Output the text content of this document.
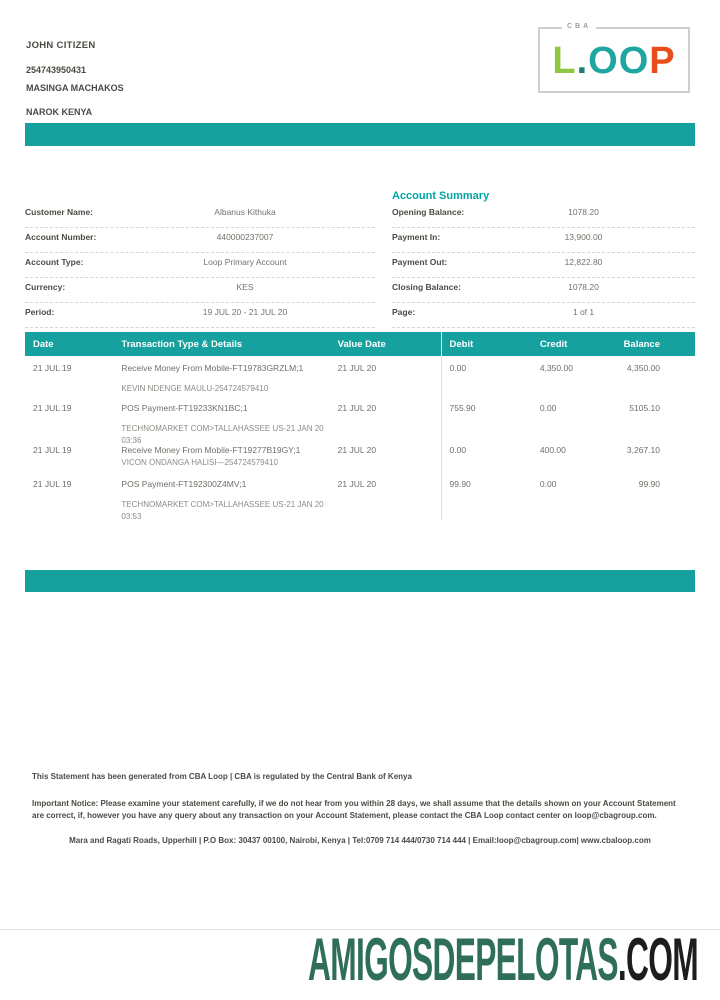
JOHN CITIZEN
254743950431
MASINGA MACHAKOS
NAROK KENYA
CBA
L.OOP
Account Summary
Customer Name:	Albanus Kithuka
Account Number:	440000237007
Account Type:	Loop Primary Account
Currency:	KES
Period:	19 JUL 20 - 21 JUL 20
Opening Balance:	1078.20
Payment In:	13,900.00
Payment Out:	12,822.80
Closing Balance:	1078.20
Page:	1 of 1
Date	Transaction Type & Details	Value Date	Debit	Credit	Balance
21 JUL 19	Receive Money From Mobile-FT19783GRZLM;1
KEVIN NDENGE MAULU-254724579410
21 JUL 20	0.00	4,350.00	4,350.00
21 JUL 19	POS Payment-FT19233KN1BC;1
TECHNOMARKET COM>TALLAHASSEE US-21 JAN 20
03:36
21 JUL 20	755.90	0.00	5105.10
21 JUL 19	Receive Money From Mobile-FT19277B19GY;1
VICON ONDANGA HALISI—254724579410
21 JUL 20	0.00	400.00	3,267.10
21 JUL 19	POS Payment-FT192300Z4MV;1
TECHNOMARKET COM>TALLAHASSEE US-21 JAN 20
03:53
21 JUL 20	99.90	0.00	99.90
This Statement has been generated from CBA Loop | CBA is regulated by the Central Bank of Kenya
Important Notice: Please examine your statement carefully, if we do not hear from you within 28 days, we shall assume that the details shown on your Account Statement are correct, if, however you have any query about any transaction on your Account Statement, please contact the CBA Loop contact center on loop@cbagroup.com.
Mara and Ragati Roads, Upperhill | P.O Box: 30437 00100, Nairobi, Kenya | Tel:0709 714 444/0730 714 444 | Email:loop@cbagroup.com| www.cbaloop.com
AMIGOSDEPELOTAS.COM
